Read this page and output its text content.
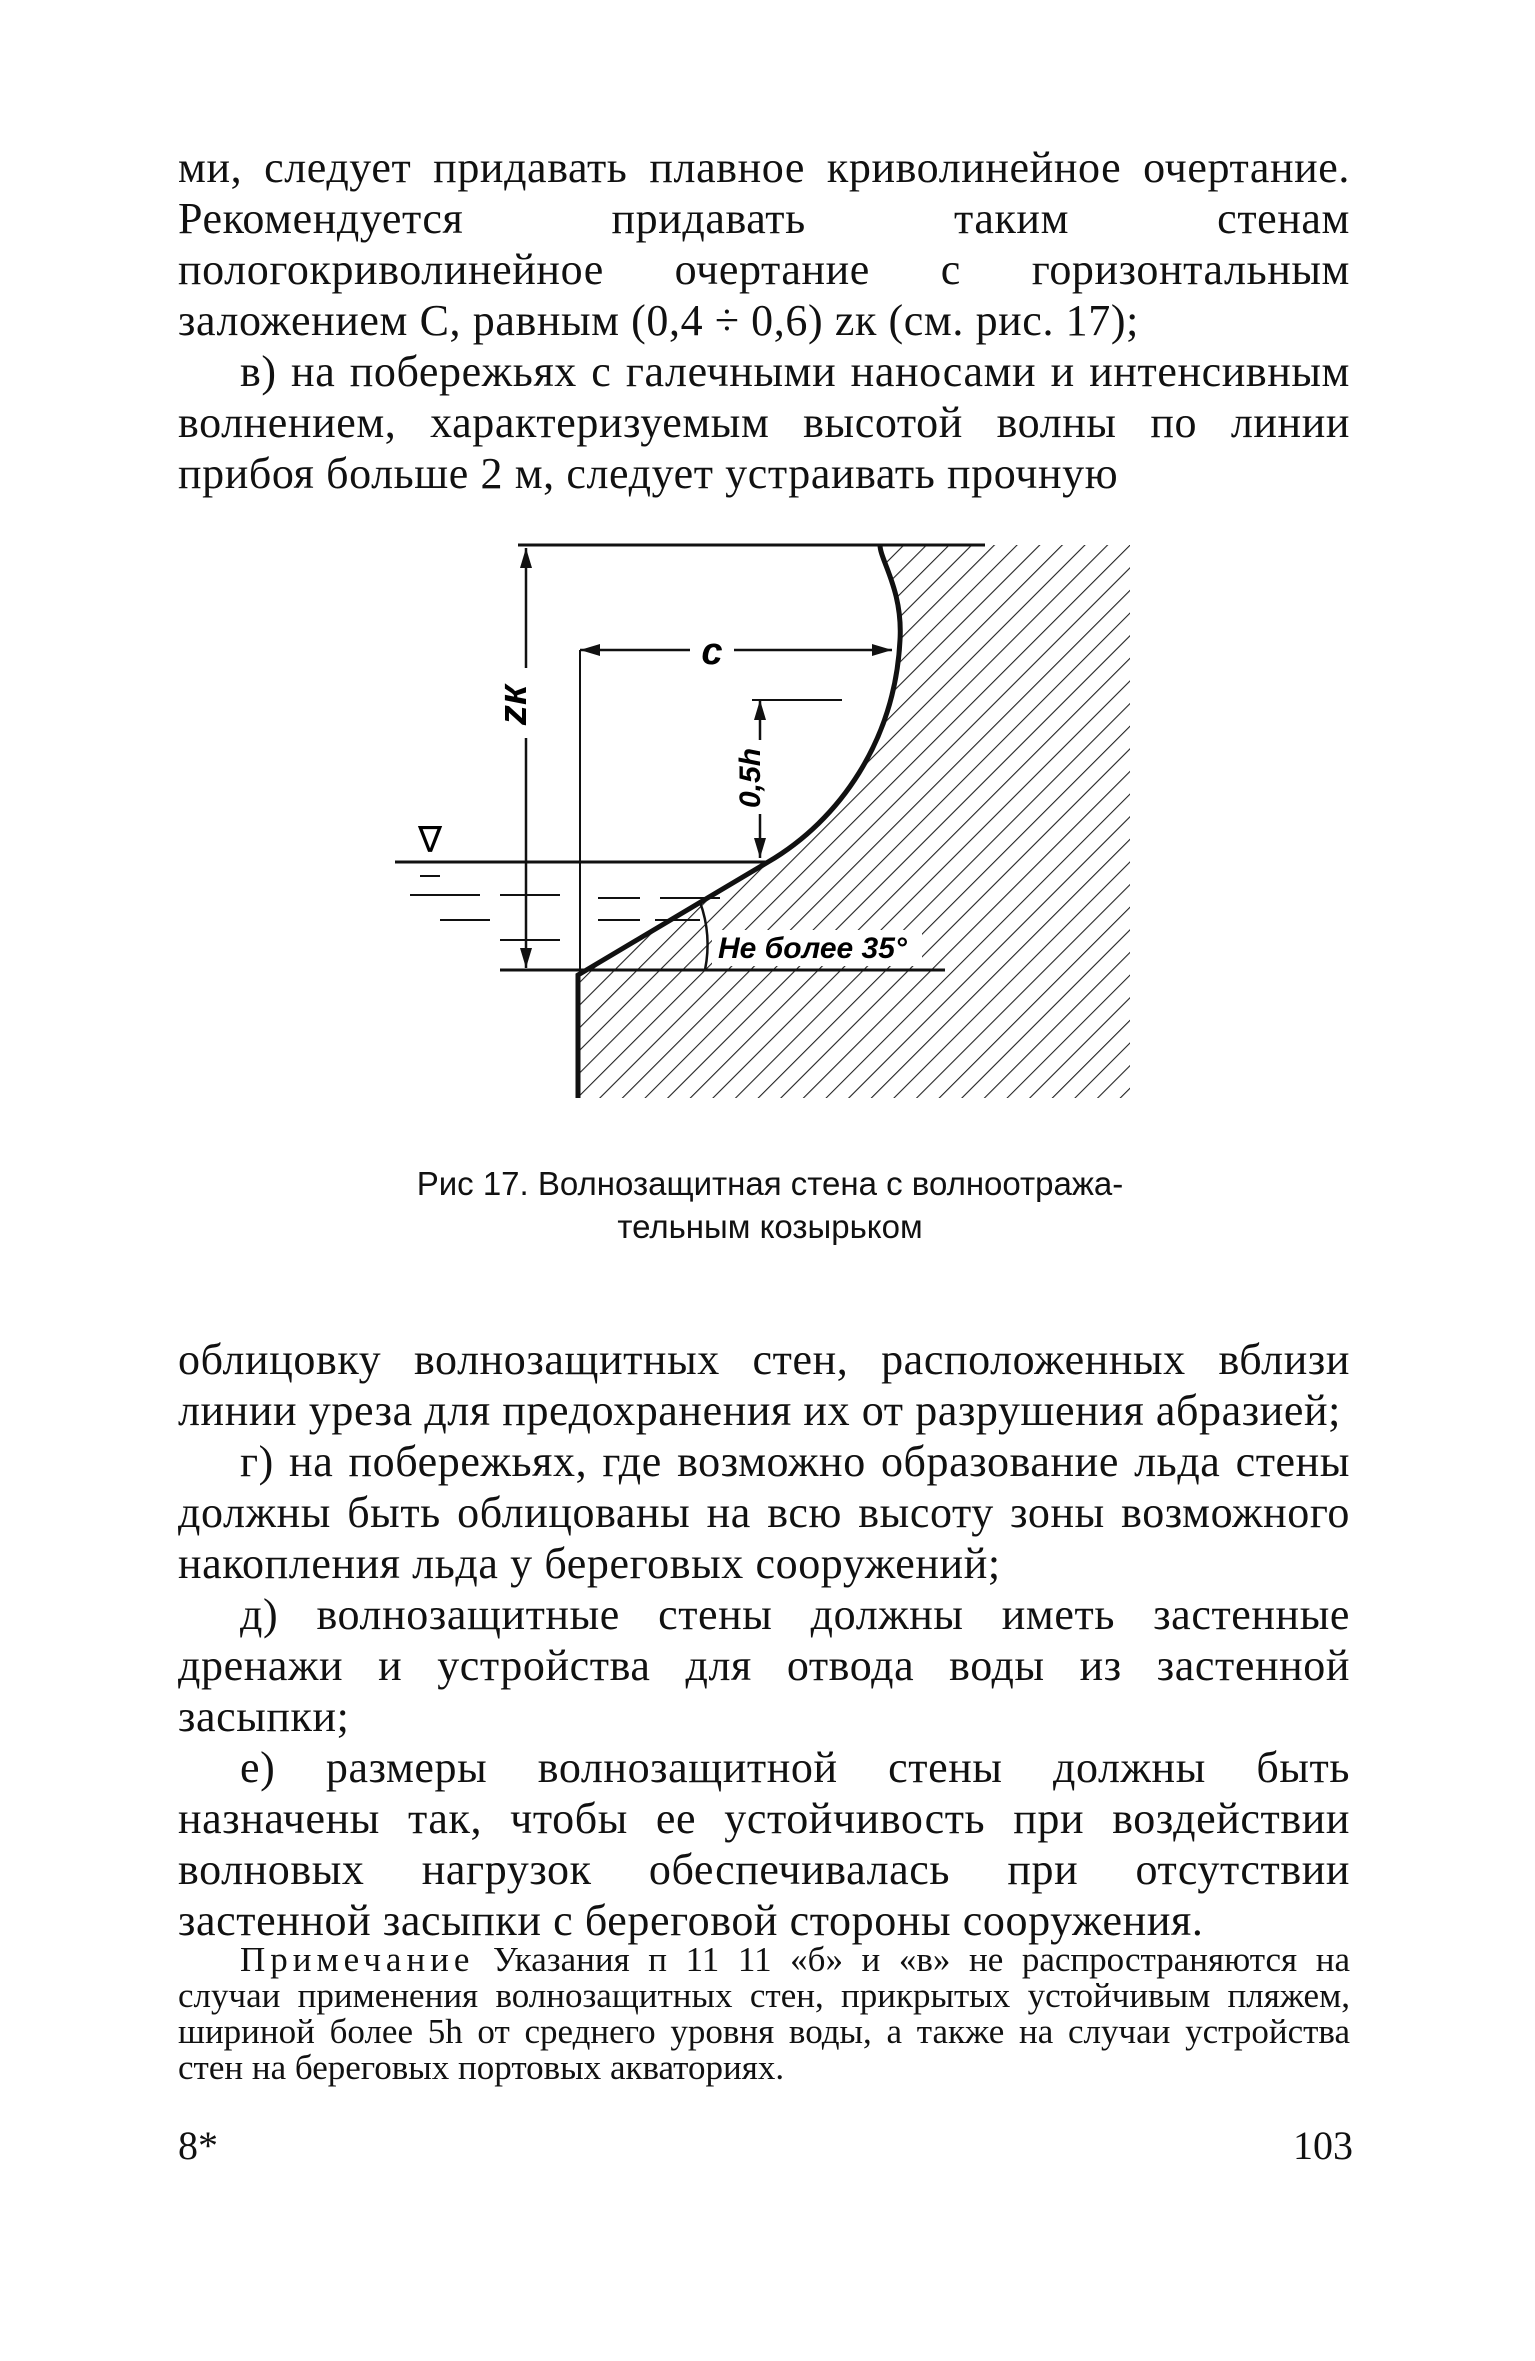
ми, следует придавать плавное криволинейное очертание. Рекомендуется придавать таким стенам пологокриволинейное очертание с горизонтальным заложением С, равным (0,4 ÷ 0,6) zк (см. рис. 17);

в) на побережьях с галечными наносами и интенсивным волнением, характеризуемым высотой волны по линии прибоя больше 2 м, следует устраивать прочную

zк
c
0,5h
∇
Не более 35°
Рис 17. Волнозащитная стена с волноотража-
тельным козырьком

облицовку волнозащитных стен, расположенных вблизи линии уреза для предохранения их от разрушения абразией;

г) на побережьях, где возможно образование льда стены должны быть облицованы на всю высоту зоны возможного накопления льда у береговых сооружений;

д) волнозащитные стены должны иметь застенные дренажи и устройства для отвода воды из застенной засыпки;

е) размеры волнозащитной стены должны быть назначены так, чтобы ее устойчивость при воздействии волновых нагрузок обеспечивалась при отсутствии застенной засыпки с береговой стороны сооружения.

Примечание Указания п 11 11 «б» и «в» не распространяются на случаи применения волнозащитных стен, прикрытых устойчивым пляжем, шириной более 5h от среднего уровня воды, а также на случаи устройства стен на береговых портовых акваториях.
8*	103
